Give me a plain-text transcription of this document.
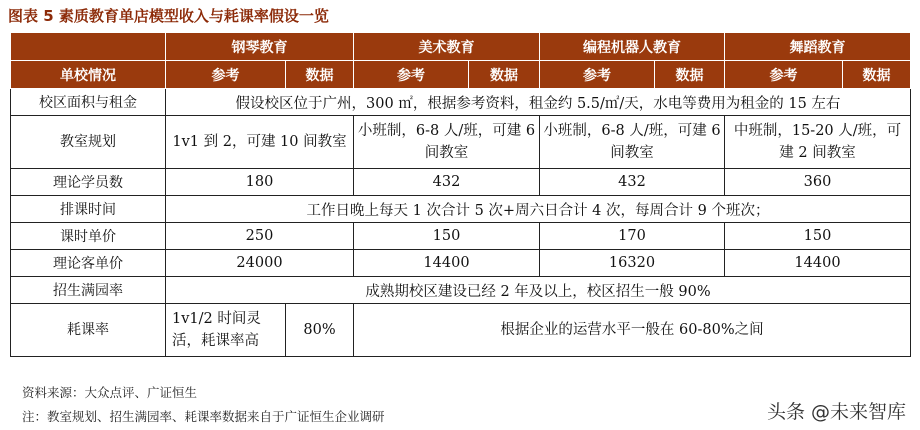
图表 5 素质教育单店模型收入与耗课率假设一览
	钢琴教育		美术教育		编程机器人教育		舞蹈教育	
单校情况	参考	数据	参考	数据	参考	数据	参考	数据
校区面积与租金	假设校区位于广州，300 ㎡，根据参考资料，租金约 5.5/㎡/天，水电等费用为租金的 15 左右							
教室规划	1v1 到 2，可建 10 间教室		小班制，6-8 人/班，可建 6 间教室		小班制，6-8 人/班，可建 6 间教室		中班制，15-20 人/班，可建 2 间教室	
理论学员数	180		432		432		360	
排课时间	工作日晚上每天 1 次合计 5 次+周六日合计 4 次，每周合计 9 个班次；							
课时单价	250		150		170		150	
理论客单价	24000		14400		16320		14400	
招生满园率	成熟期校区建设已经 2 年及以上，校区招生一般 90%							
耗课率	1v1/2 时间灵活，耗课率高	80%	根据企业的运营水平一般在 60-80%之间					
资料来源：大众点评、广证恒生
注：教室规划、招生满园率、耗课率数据来自于广证恒生企业调研	头条 @未来智库
